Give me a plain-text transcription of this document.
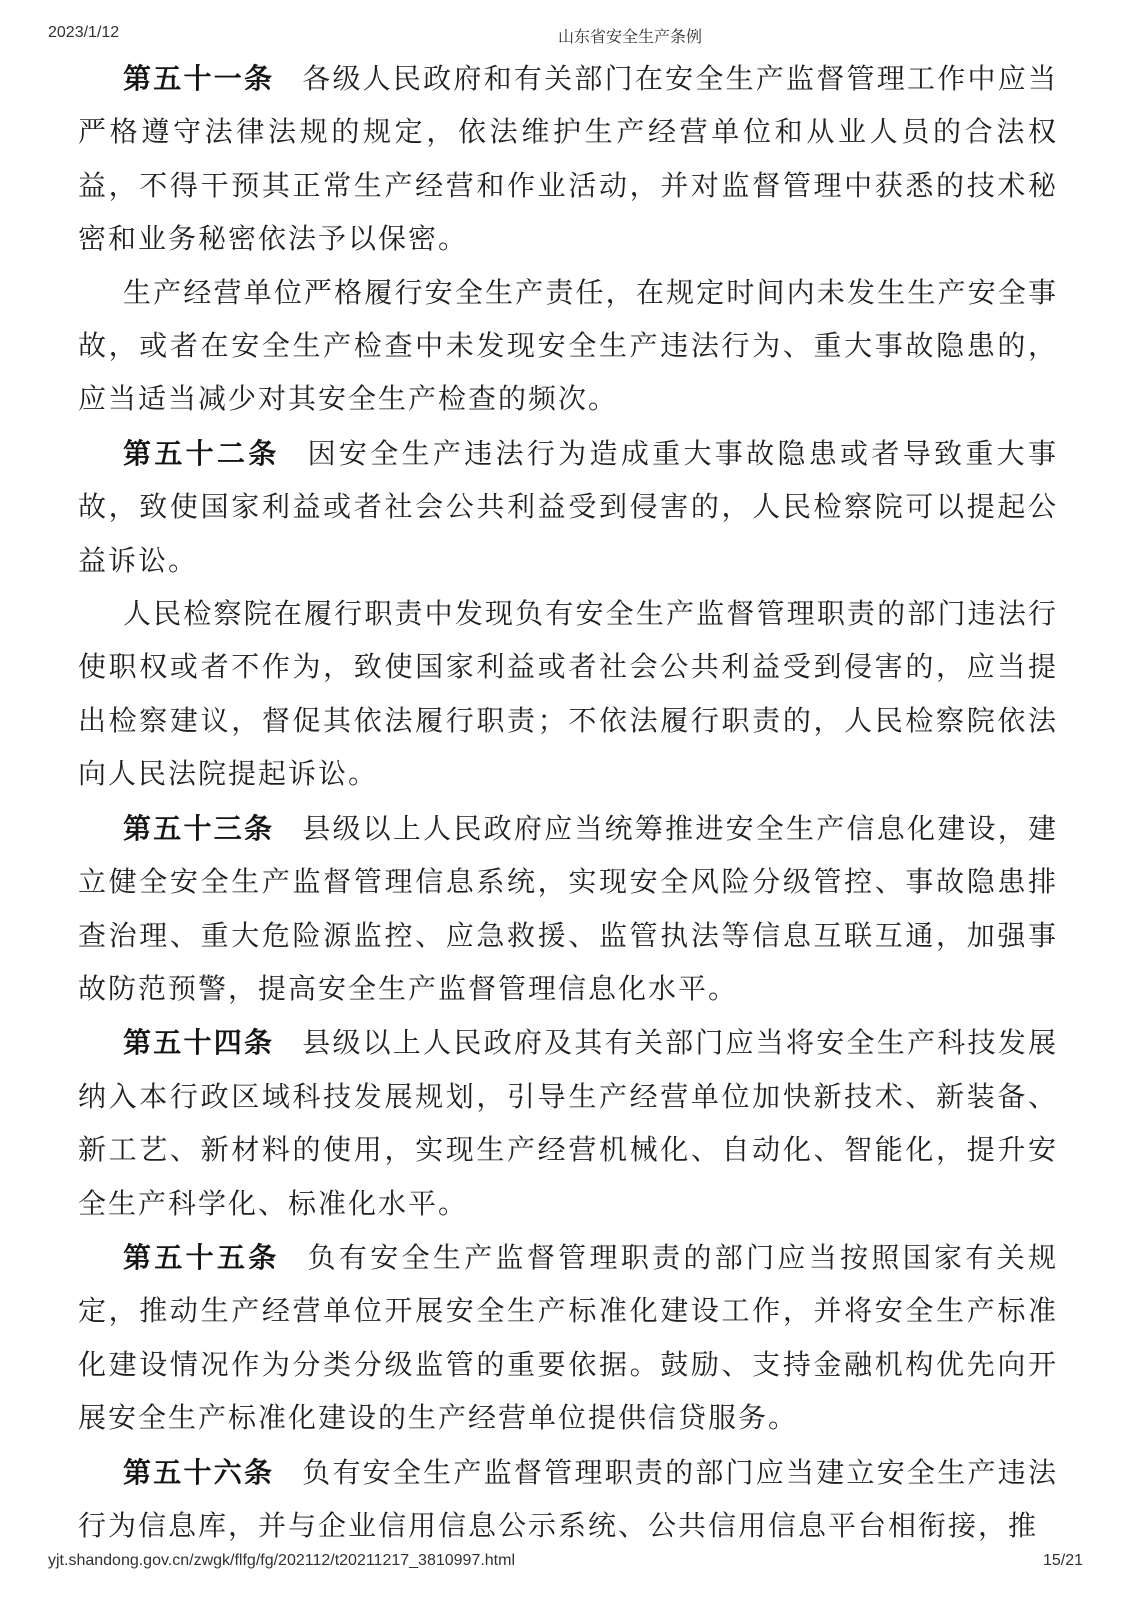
2023/1/12	山东省安全生产条例

第五十一条 各级人民政府和有关部门在安全生产监督管理工作中应当严格遵守法律法规的规定，依法维护生产经营单位和从业人员的合法权益，不得干预其正常生产经营和作业活动，并对监督管理中获悉的技术秘密和业务秘密依法予以保密。

生产经营单位严格履行安全生产责任，在规定时间内未发生生产安全事故，或者在安全生产检查中未发现安全生产违法行为、重大事故隐患的，应当适当减少对其安全生产检查的频次。

第五十二条 因安全生产违法行为造成重大事故隐患或者导致重大事故，致使国家利益或者社会公共利益受到侵害的，人民检察院可以提起公益诉讼。

人民检察院在履行职责中发现负有安全生产监督管理职责的部门违法行使职权或者不作为，致使国家利益或者社会公共利益受到侵害的，应当提出检察建议，督促其依法履行职责；不依法履行职责的，人民检察院依法向人民法院提起诉讼。

第五十三条 县级以上人民政府应当统筹推进安全生产信息化建设，建立健全安全生产监督管理信息系统，实现安全风险分级管控、事故隐患排查治理、重大危险源监控、应急救援、监管执法等信息互联互通，加强事故防范预警，提高安全生产监督管理信息化水平。

第五十四条 县级以上人民政府及其有关部门应当将安全生产科技发展纳入本行政区域科技发展规划，引导生产经营单位加快新技术、新装备、新工艺、新材料的使用，实现生产经营机械化、自动化、智能化，提升安全生产科学化、标准化水平。

第五十五条 负有安全生产监督管理职责的部门应当按照国家有关规定，推动生产经营单位开展安全生产标准化建设工作，并将安全生产标准化建设情况作为分类分级监管的重要依据。鼓励、支持金融机构优先向开展安全生产标准化建设的生产经营单位提供信贷服务。

第五十六条 负有安全生产监督管理职责的部门应当建立安全生产违法行为信息库，并与企业信用信息公示系统、公共信用信息平台相衔接，推

yjt.shandong.gov.cn/zwgk/flfg/fg/202112/t20211217_3810997.html	15/21
